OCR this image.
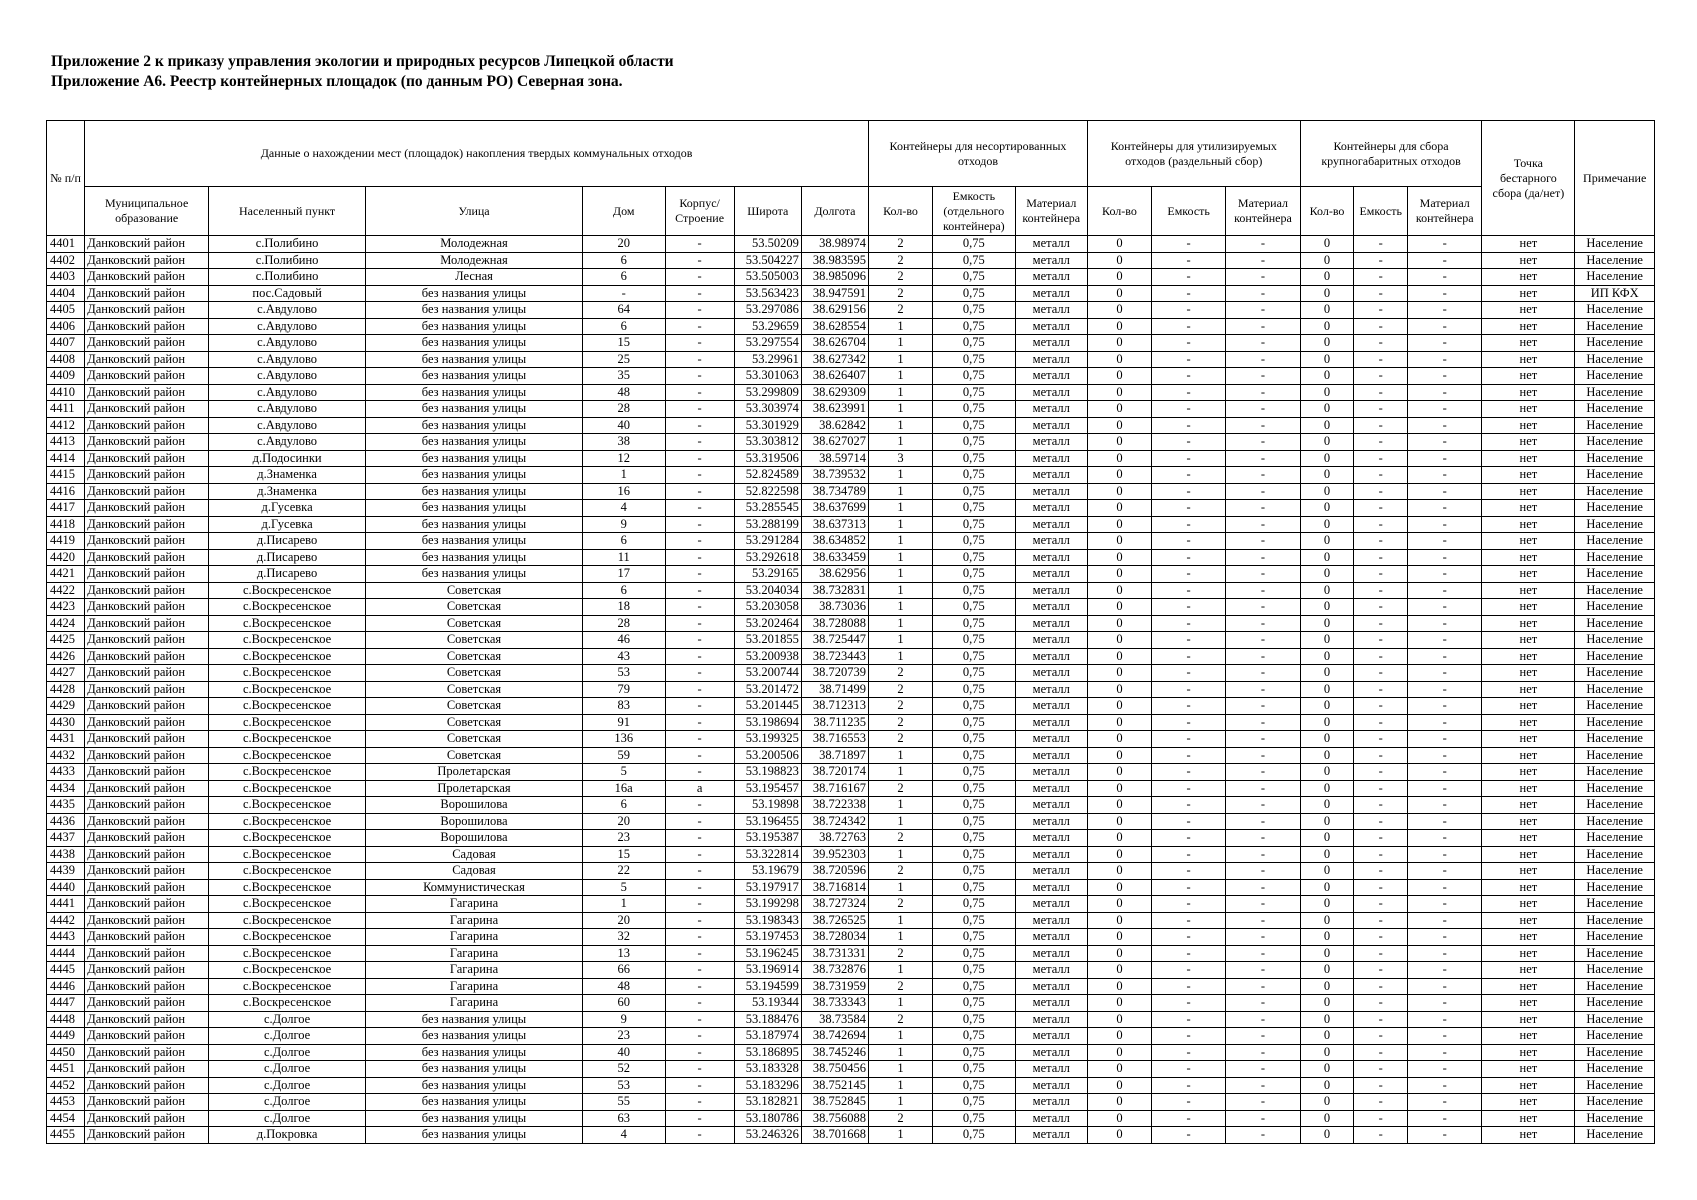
Приложение 2 к приказу управления экологии и природных ресурсов Липецкой области
Приложение А6. Реестр контейнерных площадок (по данным РО) Северная зона.
№ п/п	Данные о нахождении мест (площадок) накопления твердых коммунальных отходов							Контейнеры для несортированных отходов			Контейнеры для утилизируемых отходов (раздельный сбор)			Контейнеры для сбора крупногабаритных отходов			Точка бестарного сбора (да/нет)	Примечание
	Муниципальное образование	Населенный пункт	Улица	Дом	Корпус/ Строение	Широта	Долгота	Кол-во	Емкость (отдельного контейнера)	Материал контейнера	Кол-во	Емкость	Материал контейнера	Кол-во	Емкость	Материал контейнера		
4401	Данковский район	с.Полибино	Молодежная	20	-	53.50209	38.98974	2	0,75	металл	0	-	-	0	-	-	нет	Население
4402	Данковский район	с.Полибино	Молодежная	6	-	53.504227	38.983595	2	0,75	металл	0	-	-	0	-	-	нет	Население
4403	Данковский район	с.Полибино	Лесная	6	-	53.505003	38.985096	2	0,75	металл	0	-	-	0	-	-	нет	Население
4404	Данковский район	пос.Садовый	без названия улицы	-	-	53.563423	38.947591	2	0,75	металл	0	-	-	0	-	-	нет	ИП КФХ
4405	Данковский район	с.Авдулово	без названия улицы	64	-	53.297086	38.629156	2	0,75	металл	0	-	-	0	-	-	нет	Население
4406	Данковский район	с.Авдулово	без названия улицы	6	-	53.29659	38.628554	1	0,75	металл	0	-	-	0	-	-	нет	Население
4407	Данковский район	с.Авдулово	без названия улицы	15	-	53.297554	38.626704	1	0,75	металл	0	-	-	0	-	-	нет	Население
4408	Данковский район	с.Авдулово	без названия улицы	25	-	53.29961	38.627342	1	0,75	металл	0	-	-	0	-	-	нет	Население
4409	Данковский район	с.Авдулово	без названия улицы	35	-	53.301063	38.626407	1	0,75	металл	0	-	-	0	-	-	нет	Население
4410	Данковский район	с.Авдулово	без названия улицы	48	-	53.299809	38.629309	1	0,75	металл	0	-	-	0	-	-	нет	Население
4411	Данковский район	с.Авдулово	без названия улицы	28	-	53.303974	38.623991	1	0,75	металл	0	-	-	0	-	-	нет	Население
4412	Данковский район	с.Авдулово	без названия улицы	40	-	53.301929	38.62842	1	0,75	металл	0	-	-	0	-	-	нет	Население
4413	Данковский район	с.Авдулово	без названия улицы	38	-	53.303812	38.627027	1	0,75	металл	0	-	-	0	-	-	нет	Население
4414	Данковский район	д.Подосинки	без названия улицы	12	-	53.319506	38.59714	3	0,75	металл	0	-	-	0	-	-	нет	Население
4415	Данковский район	д.Знаменка	без названия улицы	1	-	52.824589	38.739532	1	0,75	металл	0	-	-	0	-	-	нет	Население
4416	Данковский район	д.Знаменка	без названия улицы	16	-	52.822598	38.734789	1	0,75	металл	0	-	-	0	-	-	нет	Население
4417	Данковский район	д.Гусевка	без названия улицы	4	-	53.285545	38.637699	1	0,75	металл	0	-	-	0	-	-	нет	Население
4418	Данковский район	д.Гусевка	без названия улицы	9	-	53.288199	38.637313	1	0,75	металл	0	-	-	0	-	-	нет	Население
4419	Данковский район	д.Писарево	без названия улицы	6	-	53.291284	38.634852	1	0,75	металл	0	-	-	0	-	-	нет	Население
4420	Данковский район	д.Писарево	без названия улицы	11	-	53.292618	38.633459	1	0,75	металл	0	-	-	0	-	-	нет	Население
4421	Данковский район	д.Писарево	без названия улицы	17	-	53.29165	38.62956	1	0,75	металл	0	-	-	0	-	-	нет	Население
4422	Данковский район	с.Воскресенское	Советская	6	-	53.204034	38.732831	1	0,75	металл	0	-	-	0	-	-	нет	Население
4423	Данковский район	с.Воскресенское	Советская	18	-	53.203058	38.73036	1	0,75	металл	0	-	-	0	-	-	нет	Население
4424	Данковский район	с.Воскресенское	Советская	28	-	53.202464	38.728088	1	0,75	металл	0	-	-	0	-	-	нет	Население
4425	Данковский район	с.Воскресенское	Советская	46	-	53.201855	38.725447	1	0,75	металл	0	-	-	0	-	-	нет	Население
4426	Данковский район	с.Воскресенское	Советская	43	-	53.200938	38.723443	1	0,75	металл	0	-	-	0	-	-	нет	Население
4427	Данковский район	с.Воскресенское	Советская	53	-	53.200744	38.720739	2	0,75	металл	0	-	-	0	-	-	нет	Население
4428	Данковский район	с.Воскресенское	Советская	79	-	53.201472	38.71499	2	0,75	металл	0	-	-	0	-	-	нет	Население
4429	Данковский район	с.Воскресенское	Советская	83	-	53.201445	38.712313	2	0,75	металл	0	-	-	0	-	-	нет	Население
4430	Данковский район	с.Воскресенское	Советская	91	-	53.198694	38.711235	2	0,75	металл	0	-	-	0	-	-	нет	Население
4431	Данковский район	с.Воскресенское	Советская	136	-	53.199325	38.716553	2	0,75	металл	0	-	-	0	-	-	нет	Население
4432	Данковский район	с.Воскресенское	Советская	59	-	53.200506	38.71897	1	0,75	металл	0	-	-	0	-	-	нет	Население
4433	Данковский район	с.Воскресенское	Пролетарская	5	-	53.198823	38.720174	1	0,75	металл	0	-	-	0	-	-	нет	Население
4434	Данковский район	с.Воскресенское	Пролетарская	16а	а	53.195457	38.716167	2	0,75	металл	0	-	-	0	-	-	нет	Население
4435	Данковский район	с.Воскресенское	Ворошилова	6	-	53.19898	38.722338	1	0,75	металл	0	-	-	0	-	-	нет	Население
4436	Данковский район	с.Воскресенское	Ворошилова	20	-	53.196455	38.724342	1	0,75	металл	0	-	-	0	-	-	нет	Население
4437	Данковский район	с.Воскресенское	Ворошилова	23	-	53.195387	38.72763	2	0,75	металл	0	-	-	0	-	-	нет	Население
4438	Данковский район	с.Воскресенское	Садовая	15	-	53.322814	39.952303	1	0,75	металл	0	-	-	0	-	-	нет	Население
4439	Данковский район	с.Воскресенское	Садовая	22	-	53.19679	38.720596	2	0,75	металл	0	-	-	0	-	-	нет	Население
4440	Данковский район	с.Воскресенское	Коммунистическая	5	-	53.197917	38.716814	1	0,75	металл	0	-	-	0	-	-	нет	Население
4441	Данковский район	с.Воскресенское	Гагарина	1	-	53.199298	38.727324	2	0,75	металл	0	-	-	0	-	-	нет	Население
4442	Данковский район	с.Воскресенское	Гагарина	20	-	53.198343	38.726525	1	0,75	металл	0	-	-	0	-	-	нет	Население
4443	Данковский район	с.Воскресенское	Гагарина	32	-	53.197453	38.728034	1	0,75	металл	0	-	-	0	-	-	нет	Население
4444	Данковский район	с.Воскресенское	Гагарина	13	-	53.196245	38.731331	2	0,75	металл	0	-	-	0	-	-	нет	Население
4445	Данковский район	с.Воскресенское	Гагарина	66	-	53.196914	38.732876	1	0,75	металл	0	-	-	0	-	-	нет	Население
4446	Данковский район	с.Воскресенское	Гагарина	48	-	53.194599	38.731959	2	0,75	металл	0	-	-	0	-	-	нет	Население
4447	Данковский район	с.Воскресенское	Гагарина	60	-	53.19344	38.733343	1	0,75	металл	0	-	-	0	-	-	нет	Население
4448	Данковский район	с.Долгое	без названия улицы	9	-	53.188476	38.73584	2	0,75	металл	0	-	-	0	-	-	нет	Население
4449	Данковский район	с.Долгое	без названия улицы	23	-	53.187974	38.742694	1	0,75	металл	0	-	-	0	-	-	нет	Население
4450	Данковский район	с.Долгое	без названия улицы	40	-	53.186895	38.745246	1	0,75	металл	0	-	-	0	-	-	нет	Население
4451	Данковский район	с.Долгое	без названия улицы	52	-	53.183328	38.750456	1	0,75	металл	0	-	-	0	-	-	нет	Население
4452	Данковский район	с.Долгое	без названия улицы	53	-	53.183296	38.752145	1	0,75	металл	0	-	-	0	-	-	нет	Население
4453	Данковский район	с.Долгое	без названия улицы	55	-	53.182821	38.752845	1	0,75	металл	0	-	-	0	-	-	нет	Население
4454	Данковский район	с.Долгое	без названия улицы	63	-	53.180786	38.756088	2	0,75	металл	0	-	-	0	-	-	нет	Население
4455	Данковский район	д.Покровка	без названия улицы	4	-	53.246326	38.701668	1	0,75	металл	0	-	-	0	-	-	нет	Население
